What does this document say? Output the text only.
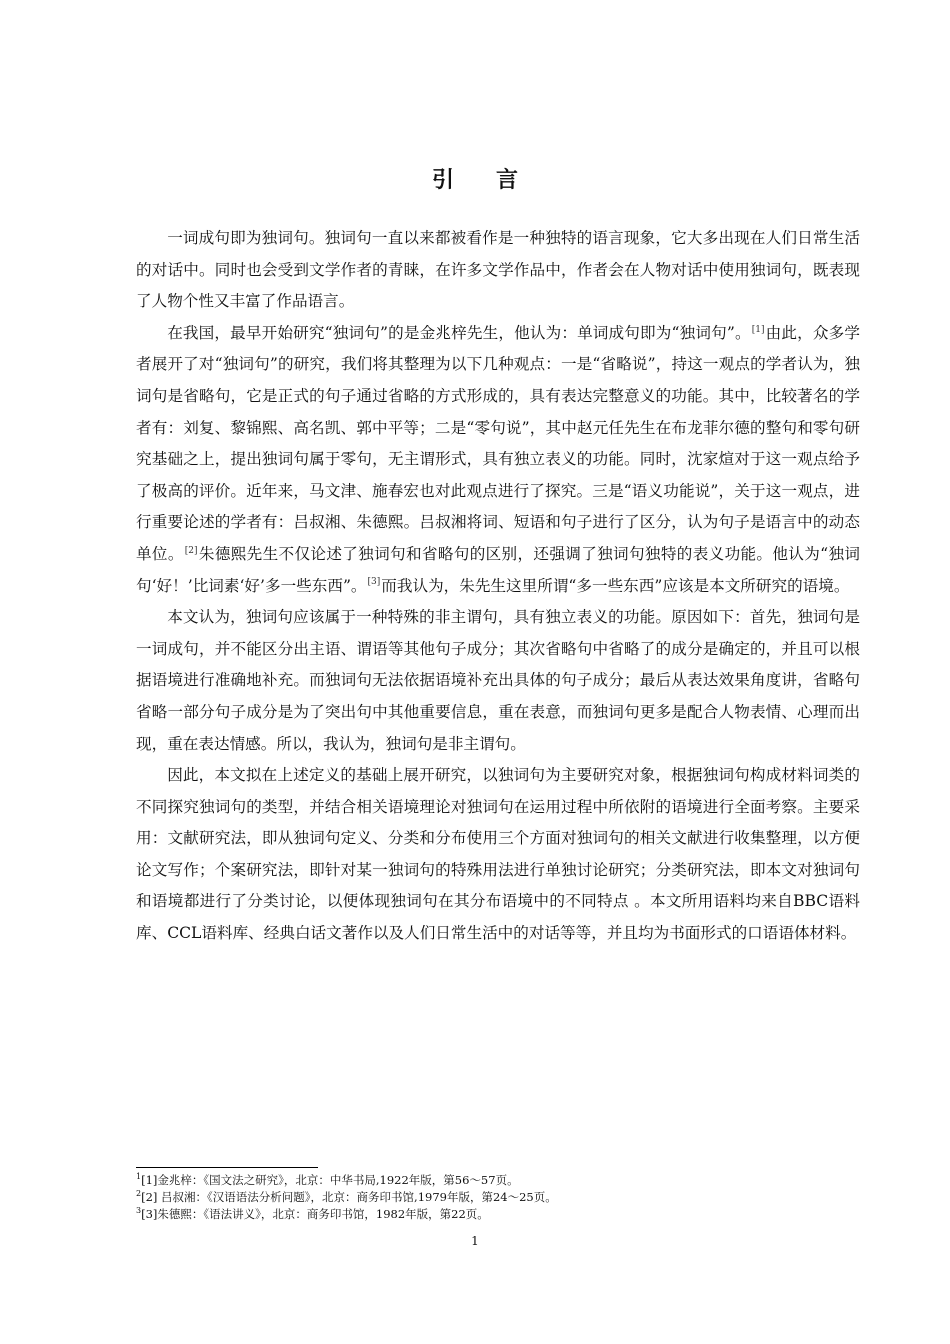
引言

一词成句即为独词句。独词句一直以来都被看作是一种独特的语言现象，它大多出现在人们日常生活的对话中。同时也会受到文学作者的青睐，在许多文学作品中，作者会在人物对话中使用独词句，既表现了人物个性又丰富了作品语言。

在我国，最早开始研究“独词句”的是金兆梓先生，他认为：单词成句即为“独词句”。[1]由此，众多学者展开了对“独词句”的研究，我们将其整理为以下几种观点：一是“省略说”，持这一观点的学者认为，独词句是省略句，它是正式的句子通过省略的方式形成的，具有表达完整意义的功能。其中，比较著名的学者有：刘复、黎锦熙、高名凯、郭中平等；二是“零句说”，其中赵元任先生在布龙菲尔德的整句和零句研究基础之上，提出独词句属于零句，无主谓形式，具有独立表义的功能。同时，沈家煊对于这一观点给予了极高的评价。近年来，马文津、施春宏也对此观点进行了探究。三是“语义功能说”，关于这一观点，进行重要论述的学者有：吕叔湘、朱德熙。吕叔湘将词、短语和句子进行了区分，认为句子是语言中的动态单位。[2]朱德熙先生不仅论述了独词句和省略句的区别，还强调了独词句独特的表义功能。他认为“独词句‘好！’比词素‘好’多一些东西”。[3]而我认为，朱先生这里所谓“多一些东西”应该是本文所研究的语境。

本文认为，独词句应该属于一种特殊的非主谓句，具有独立表义的功能。原因如下：首先，独词句是一词成句，并不能区分出主语、谓语等其他句子成分；其次省略句中省略了的成分是确定的，并且可以根据语境进行准确地补充。而独词句无法依据语境补充出具体的句子成分；最后从表达效果角度讲，省略句省略一部分句子成分是为了突出句中其他重要信息，重在表意，而独词句更多是配合人物表情、心理而出现，重在表达情感。所以，我认为，独词句是非主谓句。

因此，本文拟在上述定义的基础上展开研究，以独词句为主要研究对象，根据独词句构成材料词类的不同探究独词句的类型，并结合相关语境理论对独词句在运用过程中所依附的语境进行全面考察。主要采用：文献研究法，即从独词句定义、分类和分布使用三个方面对独词句的相关文献进行收集整理，以方便论文写作；个案研究法，即针对某一独词句的特殊用法进行单独讨论研究；分类研究法，即本文对独词句和语境都进行了分类讨论，以便体现独词句在其分布语境中的不同特点 。本文所用语料均来自BBC语料库、CCL语料库、经典白话文著作以及人们日常生活中的对话等等，并且均为书面形式的口语语体材料。

$^1$[1]金兆梓：《国文法之研究》，北京：中华书局,1922年版，第56～57页。
$^2$[2] 吕叔湘：《汉语语法分析问题》，北京：商务印书馆,1979年版，第24～25页。
$^3$[3]朱德熙：《语法讲义》，北京：商务印书馆，1982年版，第22页。
1
